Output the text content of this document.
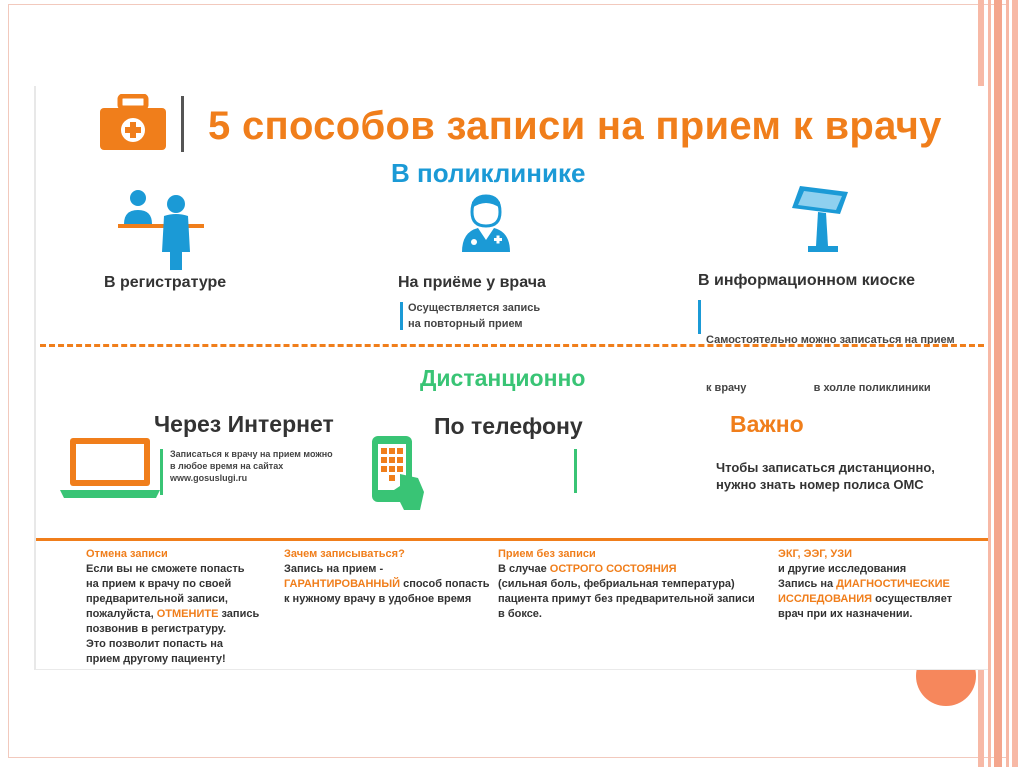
5 способов записи на прием к врачу
В поликлинике
В регистратуре	На приёме у врача	В информационном киоске
Осуществляется запись
на повторный прием

Самостоятельно можно записаться на прием

к врачу                      в холле поликлиники

Дистанционно
Через Интернет	По телефону	Важно
Записаться к врачу на прием можно
в любое время на сайтах
www.gosuslugi.ru
Чтобы записаться дистанционно,
нужно знать номер полиса ОМС
Отмена записи
Если вы не сможете попасть
на прием к врачу по своей
предварительной записи,
пожалуйста, ОТМЕНИТЕ запись
позвонив в регистратуру.
Это позволит попасть на
прием другому пациенту!
Зачем записываться?
Запись на прием -
ГАРАНТИРОВАННЫЙ способ попасть
к нужному врачу в удобное время
Прием без записи
В случае ОСТРОГО СОСТОЯНИЯ
(сильная боль, фебриальная температура)
пациента примут без предварительной записи
в боксе.
ЭКГ, ЭЭГ, УЗИ
и другие исследования
Запись на ДИАГНОСТИЧЕСКИЕ
ИССЛЕДОВАНИЯ осуществляет
врач при их назначении.
